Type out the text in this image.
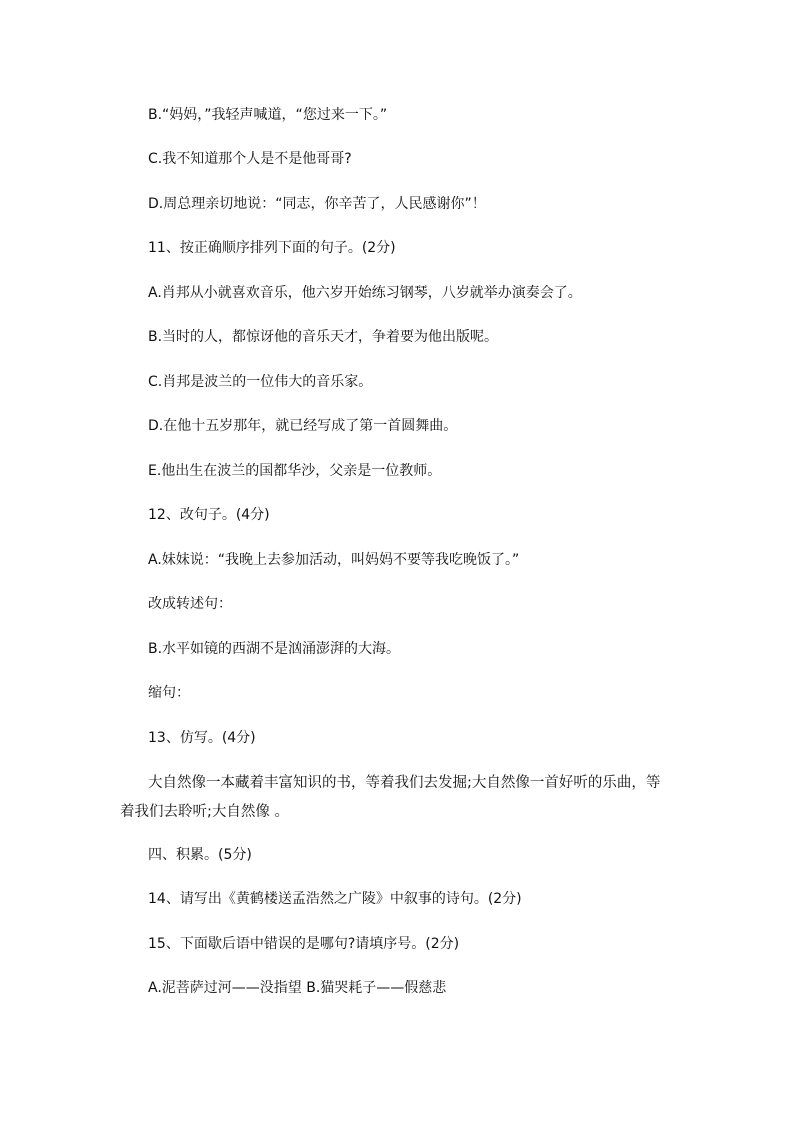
B.“妈妈，”我轻声喊道，“您过来一下。”
C.我不知道那个人是不是他哥哥?
D.周总理亲切地说：“同志，你辛苦了，人民感谢你”！
11、按正确顺序排列下面的句子。(2分)
A.肖邦从小就喜欢音乐，他六岁开始练习钢琴，八岁就举办演奏会了。
B.当时的人，都惊讶他的音乐天才，争着要为他出版呢。
C.肖邦是波兰的一位伟大的音乐家。
D.在他十五岁那年，就已经写成了第一首圆舞曲。
E.他出生在波兰的国都华沙，父亲是一位教师。
12、改句子。(4分)
A.妹妹说：“我晚上去参加活动，叫妈妈不要等我吃晚饭了。”
改成转述句：
B.水平如镜的西湖不是汹涌澎湃的大海。
缩句：
13、仿写。(4分)
大自然像一本藏着丰富知识的书，等着我们去发掘;大自然像一首好听的乐曲，等着我们去聆听;大自然像 。
四、积累。(5分)
14、请写出《黄鹤楼送孟浩然之广陵》中叙事的诗句。(2分)
15、下面歇后语中错误的是哪句?请填序号。(2分)
A.泥菩萨过河——没指望 B.猫哭耗子——假慈悲
